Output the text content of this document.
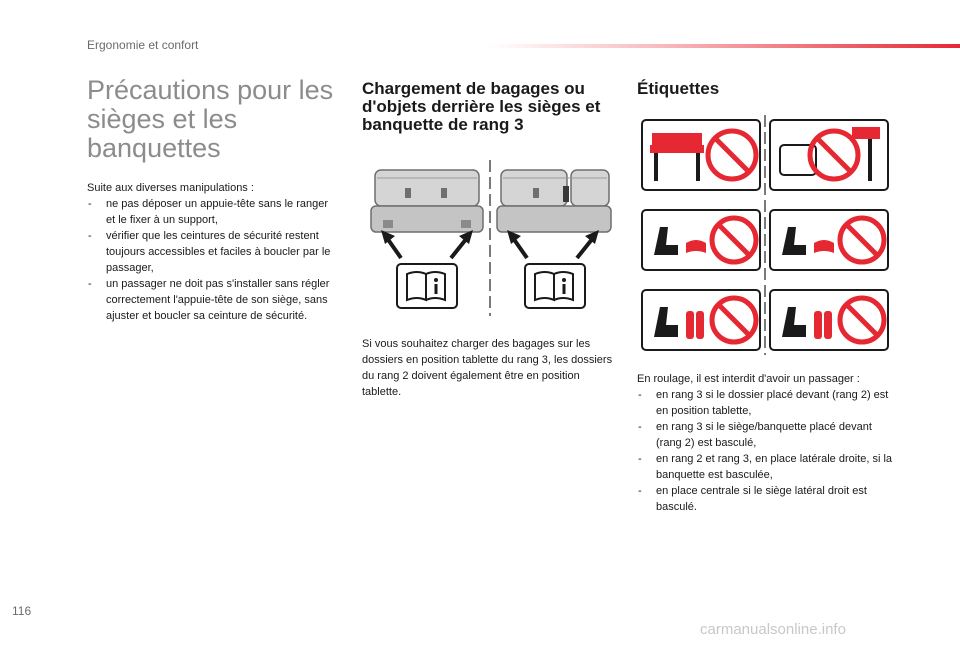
Ergonomie et confort
Précautions pour les sièges et les banquettes

Suite aux diverses manipulations :

- ne pas déposer un appuie-tête sans le ranger et le fixer à un support,
- vérifier que les ceintures de sécurité restent toujours accessibles et faciles à boucler par le passager,
- un passager ne doit pas s'installer sans régler correctement l'appuie-tête de son siège, sans ajuster et boucler sa ceinture de sécurité.
Chargement de bagages ou d'objets derrière les sièges et banquette de rang 3

Si vous souhaitez charger des bagages sur les dossiers en position tablette du rang 3, les dossiers du rang 2 doivent également être en position tablette.

Étiquettes

En roulage, il est interdit d'avoir un passager :

- en rang 3 si le dossier placé devant (rang 2) est en position tablette,
- en rang 3 si le siège/banquette placé devant (rang 2) est basculé,
- en rang 2 et rang 3, en place latérale droite, si la banquette est basculée,
- en place centrale si le siège latéral droit est basculé.
116
carmanualsonline.info
